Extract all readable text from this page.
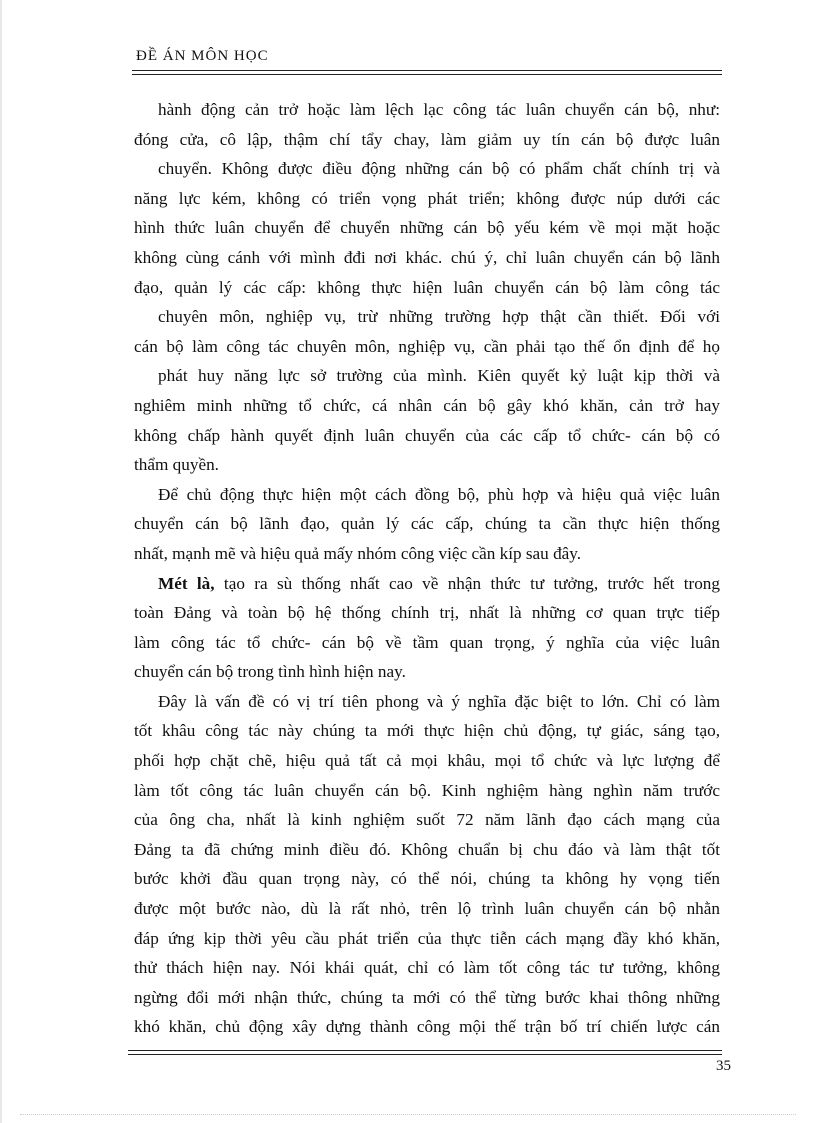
ĐỀ ÁN MÔN HỌC
hành động cản trở hoặc làm lệch lạc công tác luân chuyển cán bộ, như:
đóng cửa, cô lập, thậm chí tẩy chay, làm giảm uy tín cán bộ được luân
chuyển. Không được điều động những cán bộ có phẩm chất chính trị và
năng lực kém, không có triển vọng phát triển; không được núp dưới các
hình thức luân chuyển để chuyển những cán bộ yếu kém về mọi mặt hoặc
không cùng cánh với mình đđi nơi khác. chú ý, chỉ luân chuyển cán bộ lãnh
đạo, quản lý các cấp: không thực hiện luân chuyển cán bộ làm công tác
chuyên môn, nghiệp vụ, trừ những trường hợp thật cần thiết. Đối với
cán bộ làm công tác chuyên môn, nghiệp vụ, cần phải tạo thế ổn định để họ
phát huy năng lực sở trường của mình. Kiên quyết kỷ luật kịp thời và
nghiêm minh những tổ chức, cá nhân cán bộ gây khó khăn, cản trở hay
không chấp hành quyết định luân chuyển của các cấp tổ chức- cán bộ có
thẩm quyền.
Để chủ động thực hiện một cách đồng bộ, phù hợp và hiệu quả việc luân
chuyển cán bộ lãnh đạo, quản lý các cấp, chúng ta cần thực hiện thống
nhất, mạnh mẽ và hiệu quả mấy nhóm công việc cần kíp sau đây.
Mét là, tạo ra sù thống nhất cao về nhận thức tư tưởng, trước hết trong
toàn Đảng và toàn bộ hệ thống chính trị, nhất là những cơ quan trực tiếp
làm công tác tổ chức- cán bộ về tầm quan trọng, ý nghĩa của việc luân
chuyển cán bộ trong tình hình hiện nay.
Đây là vấn đề có vị trí tiên phong và ý nghĩa đặc biệt to lớn. Chỉ có làm
tốt khâu công tác này chúng ta mới thực hiện chủ động, tự giác, sáng tạo,
phối hợp chặt chẽ, hiệu quả tất cả mọi khâu, mọi tổ chức và lực lượng để
làm tốt công tác luân chuyển cán bộ. Kinh nghiệm hàng nghìn năm trước
của ông cha, nhất là kinh nghiệm suốt 72 năm lãnh đạo cách mạng của
Đảng ta đã chứng minh điều đó. Không chuẩn bị chu đáo và làm thật tốt
bước khởi đầu quan trọng này, có thể nói, chúng ta không hy vọng tiến
được một bước nào, dù là rất nhỏ, trên lộ trình luân chuyển cán bộ nhằn
đáp ứng kịp thời yêu cầu phát triển của thực tiễn cách mạng đầy khó khăn,
thử thách hiện nay. Nói khái quát, chỉ có làm tốt công tác tư tưởng, không
ngừng đổi mới nhận thức, chúng ta mới có thể từng bước khai thông những
khó khăn, chủ động xây dựng thành công mội thế trận bố trí chiến lược cán
35
